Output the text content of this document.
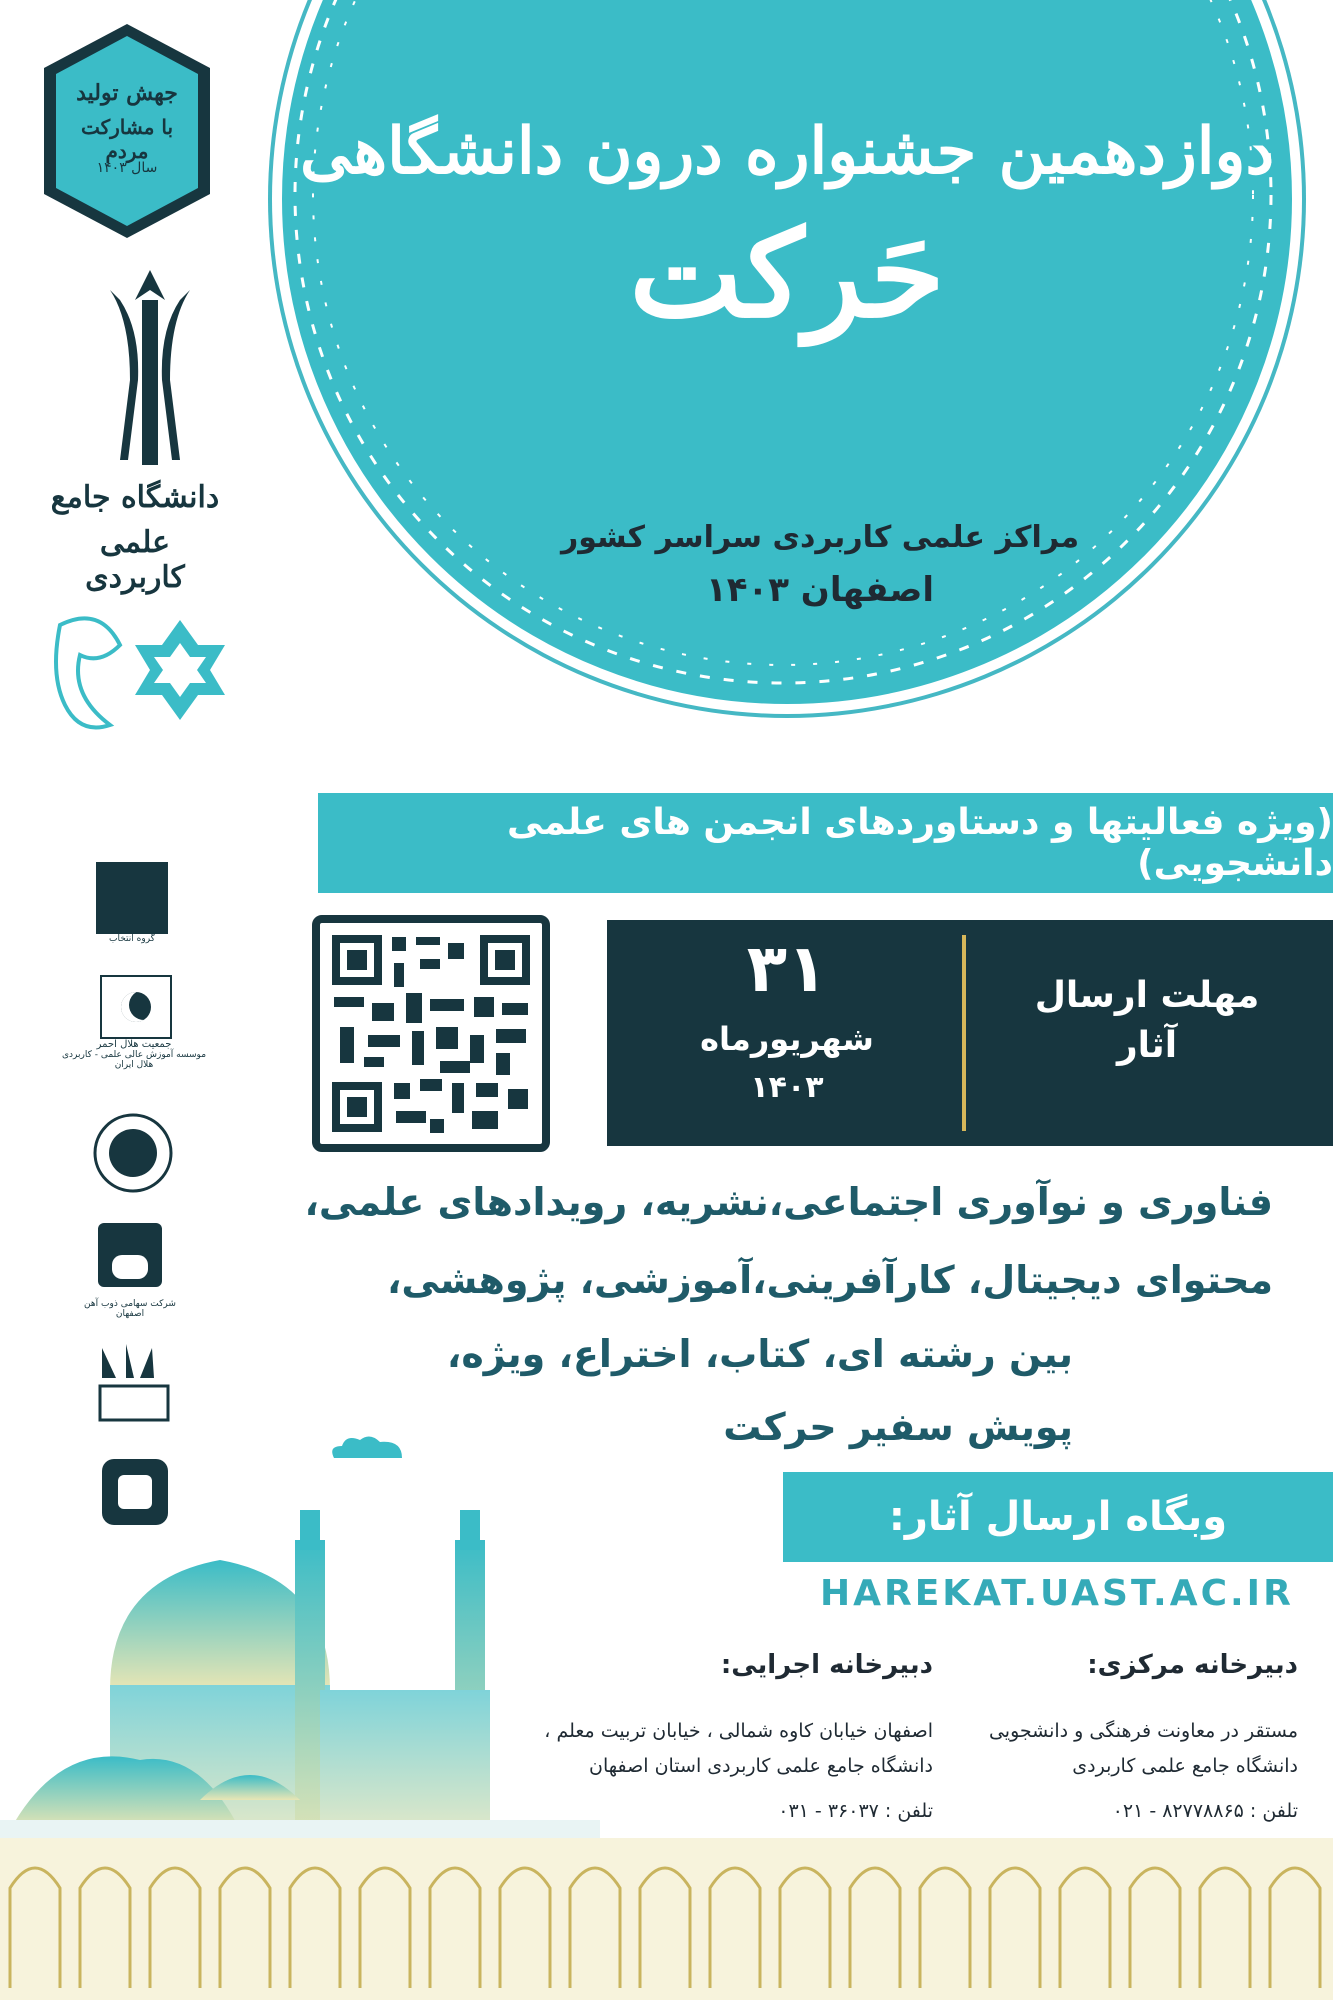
دوازدهمین جشنواره درون دانشگاهی
حَرکت
مراکز علمی کاربردی سراسر کشور
اصفهان ۱۴۰۳
جهش تولید
با مشارکت مردم
سال ۱۴۰۳
دانشگاه جامع
علمی کاربردی
(ویژه فعالیتها و دستاوردهای انجمن های علمی دانشجویی)
گروه انتخاب
جمعیت هلال احمر
موسسه آموزش عالی علمی - کاربردی هلال ایران
شرکت سهامی ذوب آهن اصفهان
مهلت ارسال
آثار
۳۱
شهریورماه
۱۴۰۳
فناوری و نوآوری اجتماعی،نشریه، رویدادهای علمی،
محتوای دیجیتال، کارآفرینی،آموزشی، پژوهشی،
بین رشته ای، کتاب، اختراع، ویژه،
پویش سفیر حرکت
وبگاه ارسال آثار:
HAREKAT.UAST.AC.IR
دبیرخانه مرکزی:
مستقر در معاونت فرهنگی و دانشجویی
دانشگاه جامع علمی کاربردی
تلفن : ۸۲۷۷۸۸۶۵ - ۰۲۱
دبیرخانه اجرایی:
اصفهان خیابان کاوه شمالی ، خیابان تربیت معلم ،
دانشگاه جامع علمی کاربردی استان اصفهان
تلفن : ۳۶۰۳۷ - ۰۳۱
